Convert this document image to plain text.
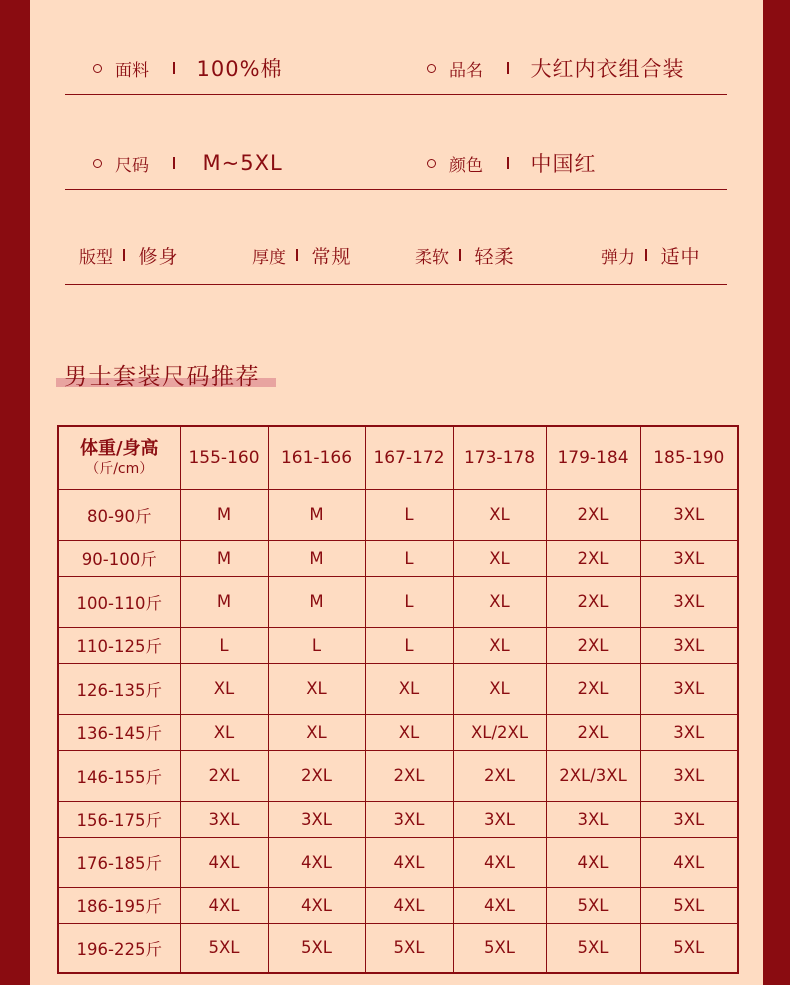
面料 100%棉	品名 大红内衣组合装
尺码	M~5XL	颜色 中国红
版型 修身	厚度 常规	柔软 轻柔	弹力 适中
男士套装尺码推荐
体重/身高
（斤/cm）	155-160	161-166	167-172	173-178	179-184	185-190
80-90斤	M	M	L	XL	2XL	3XL
90-100斤	M	M	L	XL	2XL	3XL
100-110斤	M	M	L	XL	2XL	3XL
110-125斤	L	L	L	XL	2XL	3XL
126-135斤	XL	XL	XL	XL	2XL	3XL
136-145斤	XL	XL	XL	XL/2XL	2XL	3XL
146-155斤	2XL	2XL	2XL	2XL	2XL/3XL	3XL
156-175斤	3XL	3XL	3XL	3XL	3XL	3XL
176-185斤	4XL	4XL	4XL	4XL	4XL	4XL
186-195斤	4XL	4XL	4XL	4XL	5XL	5XL
196-225斤	5XL	5XL	5XL	5XL	5XL	5XL
